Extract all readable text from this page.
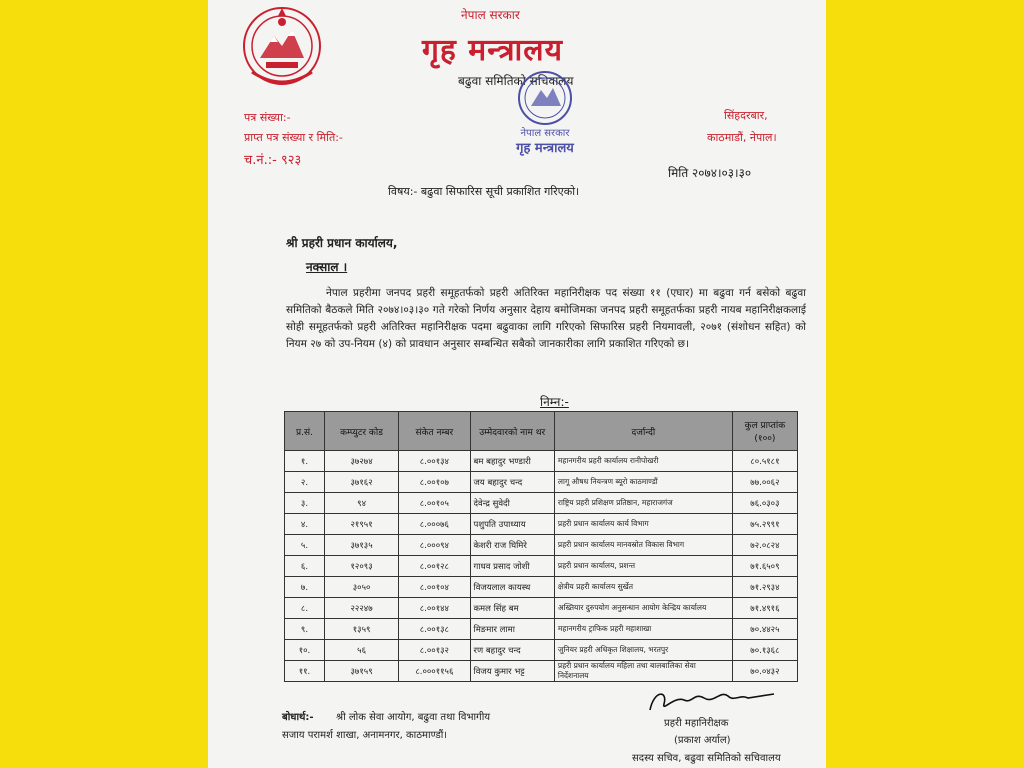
नेपाल सरकार
गृह मन्त्रालय
बढुवा समितिको सचिवालय
नेपाल सरकार
गृह मन्त्रालय
पत्र संख्या:-
प्राप्त पत्र संख्या र मिति:-
च.नं.:- ९२३
सिंहदरबार,
काठमाडौं, नेपाल।
मिति २०७४।०३।३०
विषय:- बढुवा सिफारिस सूची प्रकाशित गरिएको।
श्री प्रहरी प्रधान कार्यालय,
नक्साल ।
नेपाल प्रहरीमा जनपद प्रहरी समूहतर्फको प्रहरी अतिरिक्त महानिरीक्षक पद संख्या ११ (एघार) मा बढुवा गर्न बसेको बढुवा समितिको बैठकले मिति २०७४।०३।३० गते गरेको निर्णय अनुसार देहाय बमोजिमका जनपद प्रहरी समूहतर्फका प्रहरी नायब महानिरीक्षकलाई सोही समूहतर्फको प्रहरी अतिरिक्त महानिरीक्षक पदमा बढुवाका लागि गरिएको सिफारिस प्रहरी नियमावली, २०७१ (संशोधन सहित) को नियम २७ को उप-नियम (४) को प्रावधान अनुसार सम्बन्धित सबैको जानकारीका लागि प्रकाशित गरिएको छ।
निम्न:-
प्र.सं.	कम्प्युटर कोड	संकेत नम्बर	उम्मेदवारको नाम थर	दर्जान्दी	कुल प्राप्तांक (१००)
१.	३७२७४	८.००१३४	बम बहादुर भण्डारी	महानगरीय प्रहरी कार्यालय रानीपोखरी	८०.५१८१
२.	३७१६२	८.००१०७	जय बहादुर चन्द	लागू औषध नियन्त्रण ब्यूरो काठमाण्डौं	७७.००६२
३.	९४	८.००१०५	देवेन्द्र सुवेदी	राष्ट्रिय प्रहरी प्रशिक्षण प्रतिष्ठान, महाराजगंज	७६.०३०३
४.	२१९५१	८.०००७६	पशुपति उपाध्याय	प्रहरी प्रधान कार्यालय कार्य विभाग	७५.२९९१
५.	३७१३५	८.०००९४	केशरी राज घिमिरे	प्रहरी प्रधान कार्यालय मानवस्रोत विकास विभाग	७२.०८२४
६.	१२०९३	८.००१२८	गाधव प्रसाद जोशी	प्रहरी प्रधान कार्यालय, प्रशन्त	७१.६५०९
७.	३०५०	८.००१०४	विजयलाल कायस्थ	क्षेत्रीय प्रहरी कार्यालय सुर्खेत	७१.२९३४
८.	२२२४७	८.००१४४	कमल सिंह बम	अख्तियार दुरुपयोग अनुसन्धान आयोग केन्द्रिय कार्यालय	७१.४९१६
९.	१३५९	८.००१३८	मिङमार लामा	महानगरीय ट्राफिक प्रहरी महाशाखा	७०.४४२५
१०.	५६	८.००१३२	रण बहादुर चन्द	जुनियर प्रहरी अधिकृत शिक्षालय, भरतपुर	७०.१३६८
११.	३७१५९	८.०००११५६	विजय कुमार भट्ट	प्रहरी प्रधान कार्यालय महिला तथा बालबालिका सेवा निर्देशनालय	७०.०४३२
बोधार्थ:- श्री लोक सेवा आयोग, बढुवा तथा विभागीय
सजाय परामर्श शाखा, अनामनगर, काठमाण्डौं।
प्रहरी महानिरीक्षक
(प्रकाश अर्याल)
सदस्य सचिव, बढुवा समितिको सचिवालय
